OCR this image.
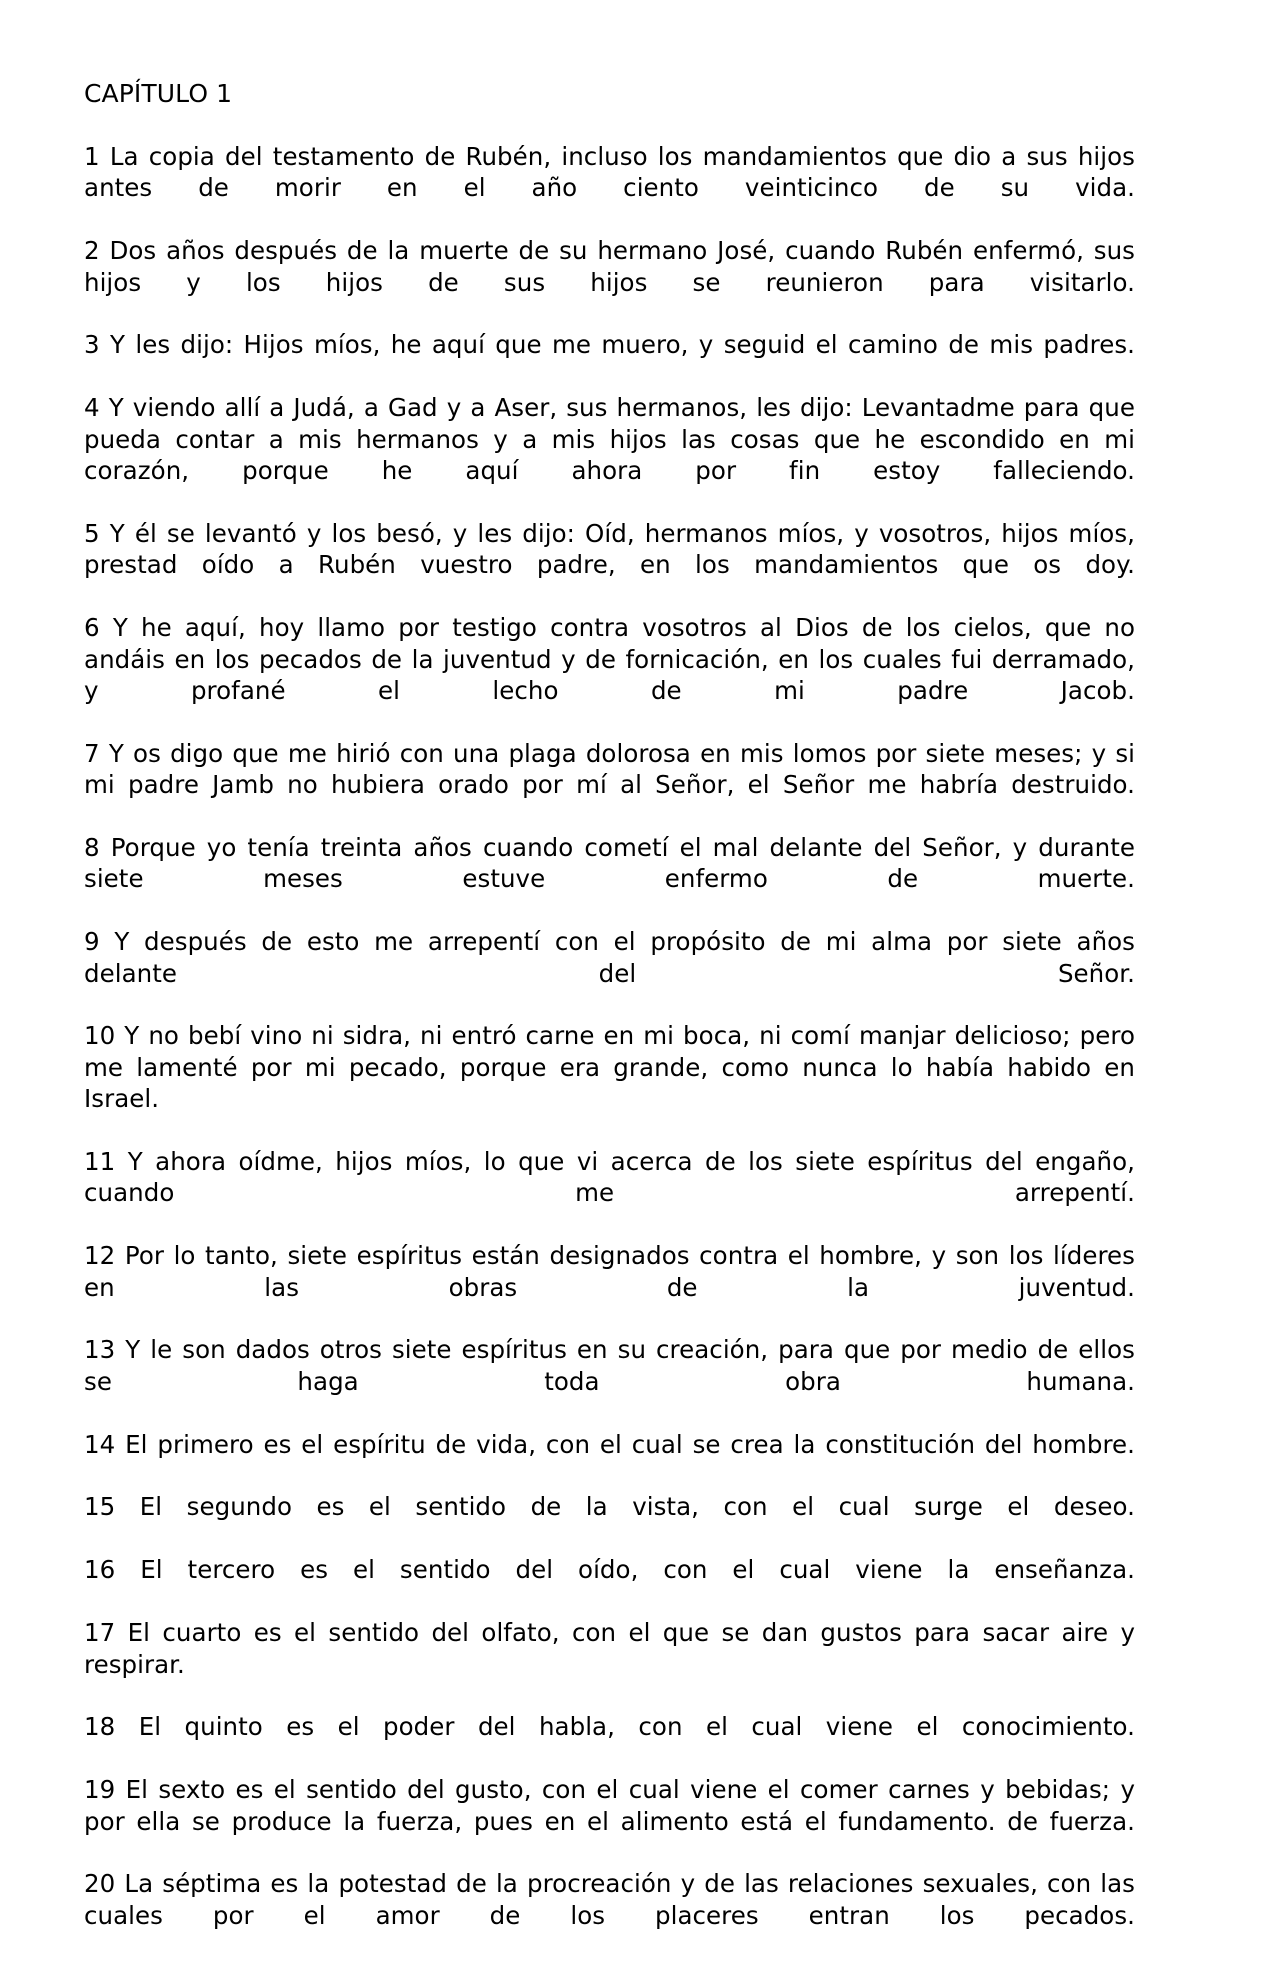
CAPÍTULO 1

1 La copia del testamento de Rubén, incluso los mandamientos que dio a sus hijos antes de morir en el año ciento veinticinco de su vida.

2 Dos años después de la muerte de su hermano José, cuando Rubén enfermó, sus hijos y los hijos de sus hijos se reunieron para visitarlo.

3 Y les dijo: Hijos míos, he aquí que me muero, y seguid el camino de mis padres.

4 Y viendo allí a Judá, a Gad y a Aser, sus hermanos, les dijo: Levantadme para que pueda contar a mis hermanos y a mis hijos las cosas que he escondido en mi corazón, porque he aquí ahora por fin estoy falleciendo.

5 Y él se levantó y los besó, y les dijo: Oíd, hermanos míos, y vosotros, hijos míos, prestad oído a Rubén vuestro padre, en los mandamientos que os doy.

6 Y he aquí, hoy llamo por testigo contra vosotros al Dios de los cielos, que no andáis en los pecados de la juventud y de fornicación, en los cuales fui derramado, y profané el lecho de mi padre Jacob.

7 Y os digo que me hirió con una plaga dolorosa en mis lomos por siete meses; y si mi padre Jamb no hubiera orado por mí al Señor, el Señor me habría destruido.

8 Porque yo tenía treinta años cuando cometí el mal delante del Señor, y durante siete meses estuve enfermo de muerte.

9 Y después de esto me arrepentí con el propósito de mi alma por siete años delante del Señor.

10 Y no bebí vino ni sidra, ni entró carne en mi boca, ni comí manjar delicioso; pero me lamenté por mi pecado, porque era grande, como nunca lo había habido en Israel.

11 Y ahora oídme, hijos míos, lo que vi acerca de los siete espíritus del engaño, cuando me arrepentí.

12 Por lo tanto, siete espíritus están designados contra el hombre, y son los líderes en las obras de la juventud.

13 Y le son dados otros siete espíritus en su creación, para que por medio de ellos se haga toda obra humana.

14 El primero es el espíritu de vida, con el cual se crea la constitución del hombre.

15 El segundo es el sentido de la vista, con el cual surge el deseo.

16 El tercero es el sentido del oído, con el cual viene la enseñanza.

17 El cuarto es el sentido del olfato, con el que se dan gustos para sacar aire y respirar.

18 El quinto es el poder del habla, con el cual viene el conocimiento.

19 El sexto es el sentido del gusto, con el cual viene el comer carnes y bebidas; y por ella se produce la fuerza, pues en el alimento está el fundamento. de fuerza.

20 La séptima es la potestad de la procreación y de las relaciones sexuales, con las cuales por el amor de los placeres entran los pecados.
